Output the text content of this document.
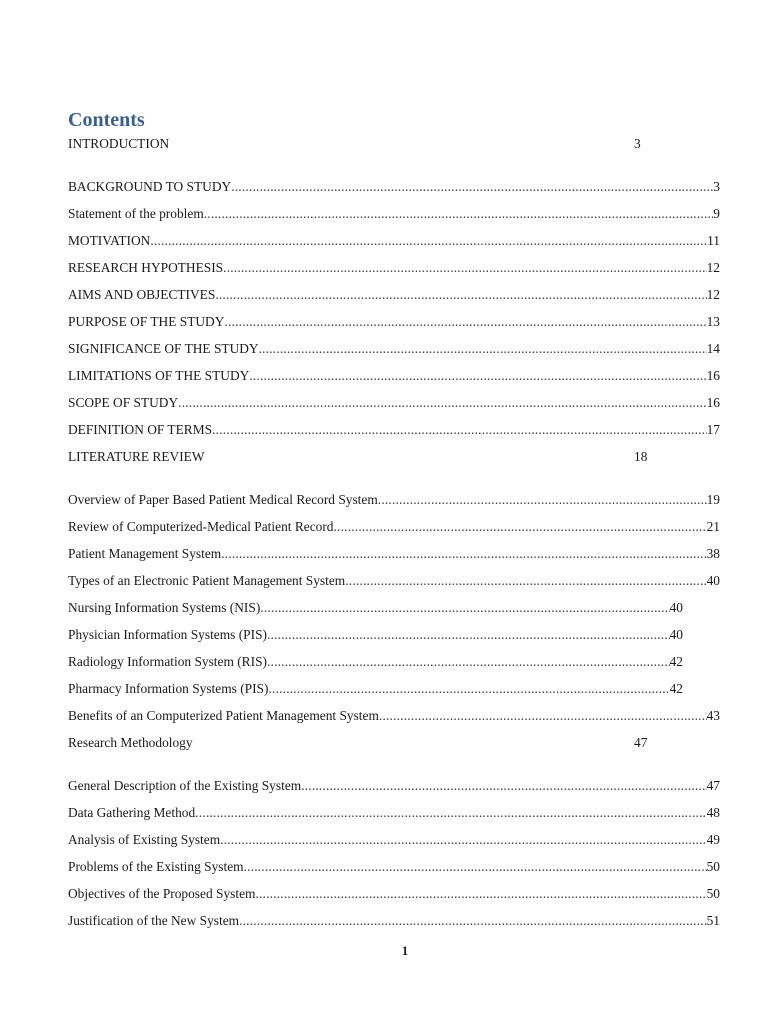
Contents
INTRODUCTION	3
BACKGROUND TO STUDY .....	3
Statement of the problem .....	9
MOTIVATION .....	11
RESEARCH HYPOTHESIS .....	12
AIMS AND OBJECTIVES .....	12
PURPOSE OF THE STUDY .....	13
SIGNIFICANCE OF THE STUDY .....	14
LIMITATIONS OF THE STUDY .....	16
SCOPE OF STUDY .....	16
DEFINITION OF TERMS .....	17
LITERATURE REVIEW	18
Overview of Paper Based Patient Medical Record System .....	19
Review of Computerized-Medical Patient Record .....	21
Patient Management System .....	38
Types of an Electronic Patient Management System .....	40
Nursing Information Systems (NIS) .....	40
Physician Information Systems (PIS) .....	40
Radiology Information System (RIS) .....	42
Pharmacy Information Systems (PIS) .....	42
Benefits of an Computerized Patient Management System .....	43
Research Methodology	47
General Description of the Existing System .....	47
Data Gathering Method .....	48
Analysis of Existing System .....	49
Problems of the Existing System .....	50
Objectives of the Proposed System .....	50
Justification of the New System .....	51
1
